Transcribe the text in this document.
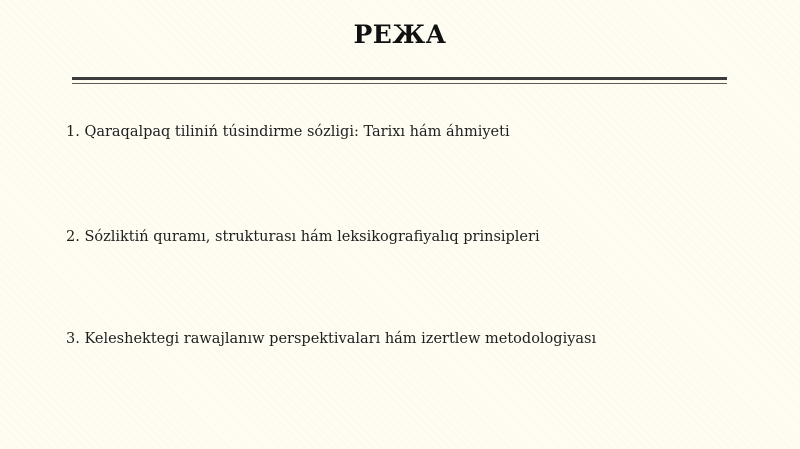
РЕЖА
1. Qaraqalpaq tiliniń túsindirme sózligi: Tarixı hám áhmiyeti
2. Sózliktiń quramı, strukturası hám leksikografiyalıq prinsipleri
3. Keleshektegi rawajlanıw perspektivaları hám izertlew metodologiyası
